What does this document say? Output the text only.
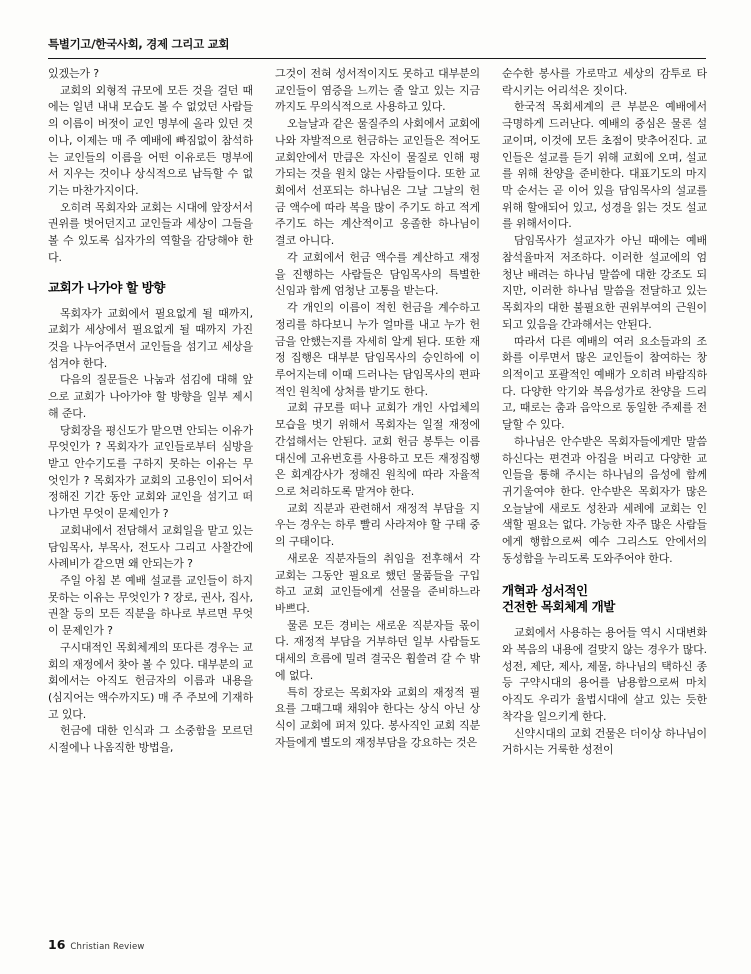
특별기고/한국사회, 경제 그리고 교회

있겠는가 ?

교회의 외형적 규모에 모든 것을 걸던 때에는 일년 내내 모습도 볼 수 없었던 사람들의 이름이 버젓이 교인 명부에 올라 있던 것이나, 이제는 매 주 예배에 빠짐없이 참석하는 교인들의 이름을 어떤 이유로든 명부에서 지우는 것이나 상식적으로 납득할 수 없기는 마찬가지이다.

오히려 목회자와 교회는 시대에 앞장서서 권위를 벗어던지고 교인들과 세상이 그들을 볼 수 있도록 십자가의 역할을 감당해야 한다.

교회가 나가야 할 방향

목회자가 교회에서 필요없게 될 때까지, 교회가 세상에서 필요없게 될 때까지 가진 것을 나누어주면서 교인들을 섬기고 세상을 섬겨야 한다.

다음의 질문들은 나눔과 섬김에 대해 앞으로 교회가 나아가야 할 방향을 일부 제시해 준다.

당회장을 평신도가 맡으면 안되는 이유가 무엇인가 ? 목회자가 교인들로부터 심방을 받고 안수기도를 구하지 못하는 이유는 무엇인가 ? 목회자가 교회의 고용인이 되어서 정해진 기간 동안 교회와 교인을 섬기고 떠나가면 무엇이 문제인가 ?

교회내에서 전담해서 교회일을 맡고 있는 담임목사, 부목사, 전도사 그리고 사찰간에 사례비가 같으면 왜 안되는가 ?

주일 아침 본 예배 설교를 교인들이 하지 못하는 이유는 무엇인가 ? 장로, 권사, 집사, 권찰 등의 모든 직분을 하나로 부르면 무엇이 문제인가 ?

구시대적인 목회체계의 또다른 경우는 교회의 재정에서 찾아 볼 수 있다. 대부분의 교회에서는 아직도 헌금자의 이름과 내용을(심지어는 액수까지도) 매 주 주보에 기재하고 있다.

헌금에 대한 인식과 그 소중함을 모르던 시절에나 나옴직한 방법을,

그것이 전혀 성서적이지도 못하고 대부분의 교인들이 염증을 느끼는 줄 알고 있는 지금까지도 무의식적으로 사용하고 있다.

오늘날과 같은 물질주의 사회에서 교회에 나와 자발적으로 헌금하는 교인들은 적어도 교회안에서 만큼은 자신이 물질로 인해 평가되는 것을 원치 않는 사람들이다. 또한 교회에서 선포되는 하나님은 그날 그날의 헌금 액수에 따라 복을 많이 주기도 하고 적게 주기도 하는 계산적이고 옹졸한 하나님이 결코 아니다.

각 교회에서 헌금 액수를 계산하고 재정을 진행하는 사람들은 담임목사의 특별한 신임과 함께 엄청난 고통을 받는다.

각 개인의 이름이 적힌 헌금을 계수하고 정리를 하다보니 누가 얼마를 내고 누가 헌금을 안했는지를 자세히 알게 된다. 또한 재정 집행은 대부분 담임목사의 승인하에 이루어지는데 이때 드러나는 담임목사의 편파적인 원칙에 상처를 받기도 한다.

교회 규모를 떠나 교회가 개인 사업체의 모습을 벗기 위해서 목회자는 일절 재정에 간섭해서는 안된다. 교회 헌금 봉투는 이름 대신에 고유번호를 사용하고 모든 재정집행은 회계감사가 정해진 원칙에 따라 자율적으로 처리하도록 맡겨야 한다.

교회 직분과 관련해서 재정적 부담을 지우는 경우는 하루 빨리 사라져야 할 구태 중의 구태이다.

새로운 직분자들의 취임을 전후해서 각 교회는 그동안 필요로 했던 물품들을 구입하고 교회 교인들에게 선물을 준비하느라 바쁘다.

물론 모든 경비는 새로운 직분자들 몫이다. 재정적 부담을 거부하던 일부 사람들도 대세의 흐름에 밀려 결국은 휩쓸려 갈 수 밖에 없다.

특히 장로는 목회자와 교회의 재정적 필요를 그때그때 채워야 한다는 상식 아닌 상식이 교회에 퍼져 있다. 봉사직인 교회 직분자들에게 별도의 재정부담을 강요하는 것은

순수한 봉사를 가로막고 세상의 감투로 타락시키는 어리석은 짓이다.

한국적 목회세계의 큰 부분은 예배에서 극명하게 드러난다. 예배의 중심은 물론 설교이며, 이것에 모든 초점이 맞추어진다. 교인들은 설교를 듣기 위해 교회에 오며, 설교를 위해 찬양을 준비한다. 대표기도의 마지막 순서는 곧 이어 있을 담임목사의 설교를 위해 할애되어 있고, 성경을 읽는 것도 설교를 위해서이다.

담임목사가 설교자가 아닌 때에는 예배 참석율마저 저조하다. 이러한 설교에의 엄청난 배려는 하나님 말씀에 대한 강조도 되지만, 이러한 하나님 말씀을 전달하고 있는 목회자의 대한 불필요한 권위부여의 근원이 되고 있음을 간과해서는 안된다.

따라서 다른 예배의 여러 요소들과의 조화를 이루면서 많은 교인들이 참여하는 창의적이고 포괄적인 예배가 오히려 바람직하다. 다양한 악기와 복음성가로 찬양을 드리고, 때로는 춤과 음악으로 동일한 주제를 전달할 수 있다.

하나님은 안수받은 목회자들에게만 말씀하신다는 편견과 아집을 버리고 다양한 교인들을 통해 주시는 하나님의 음성에 함께 귀기울여야 한다. 안수받은 목회자가 많은 오늘날에 새로도 성찬과 세례에 교회는 인색할 필요는 없다. 가능한 자주 많은 사람들에게 행함으로써 예수 그리스도 안에서의 동성함을 누리도록 도와주어야 한다.

개혁과 성서적인
건전한 목회체계 개발

교회에서 사용하는 용어들 역시 시대변화와 복음의 내용에 걸맞지 않는 경우가 많다. 성전, 제단, 제사, 제물, 하나님의 택하신 종 등 구약시대의 용어를 남용함으로써 마치 아직도 우리가 율법시대에 살고 있는 듯한 착각을 일으키게 한다.

신약시대의 교회 건물은 더이상 하나님이 거하시는 거룩한 성전이

16 Christian Review
